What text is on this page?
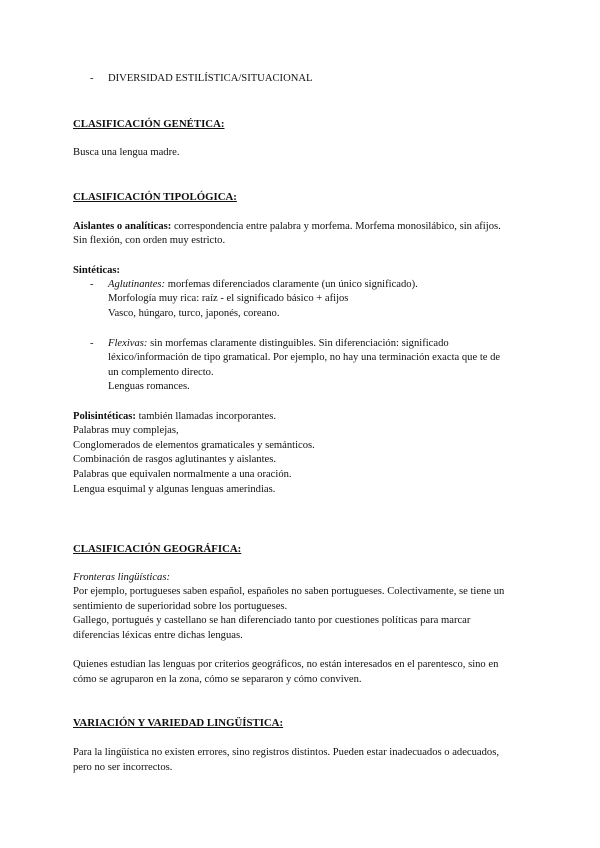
- DIVERSIDAD ESTILÍSTICA/SITUACIONAL
CLASIFICACIÓN GENÉTICA:
Busca una lengua madre.
CLASIFICACIÓN TIPOLÓGICA:
Aislantes o analíticas: correspondencia entre palabra y morfema. Morfema monosilábico, sin afijos.
Sin flexión, con orden muy estricto.
Sintéticas:
- Aglutinantes: morfemas diferenciados claramente (un único significado).
Morfología muy rica: raíz - el significado básico + afijos
Vasco, húngaro, turco, japonés, coreano.
- Flexivas: sin morfemas claramente distinguibles. Sin diferenciación: significado
léxico/información de tipo gramatical. Por ejemplo, no hay una terminación exacta que te de
un complemento directo.
Lenguas romances.
Polisintéticas: también llamadas incorporantes.
Palabras muy complejas,
Conglomerados de elementos gramaticales y semánticos.
Combinación de rasgos aglutinantes y aislantes.
Palabras que equivalen normalmente a una oración.
Lengua esquimal y algunas lenguas amerindias.
CLASIFICACIÓN GEOGRÁFICA:
Fronteras lingüísticas:
Por ejemplo, portugueses saben español, españoles no saben portugueses. Colectivamente, se tiene un
sentimiento de superioridad sobre los portugueses.
Gallego, portugués y castellano se han diferenciado tanto por cuestiones políticas para marcar
diferencias léxicas entre dichas lenguas.
Quienes estudian las lenguas por criterios geográficos, no están interesados en el parentesco, sino en
cómo se agruparon en la zona, cómo se separaron y cómo conviven.
VARIACIÓN Y VARIEDAD LINGÜÍSTICA:
Para la lingüística no existen errores, sino registros distintos. Pueden estar inadecuados o adecuados,
pero no ser incorrectos.
